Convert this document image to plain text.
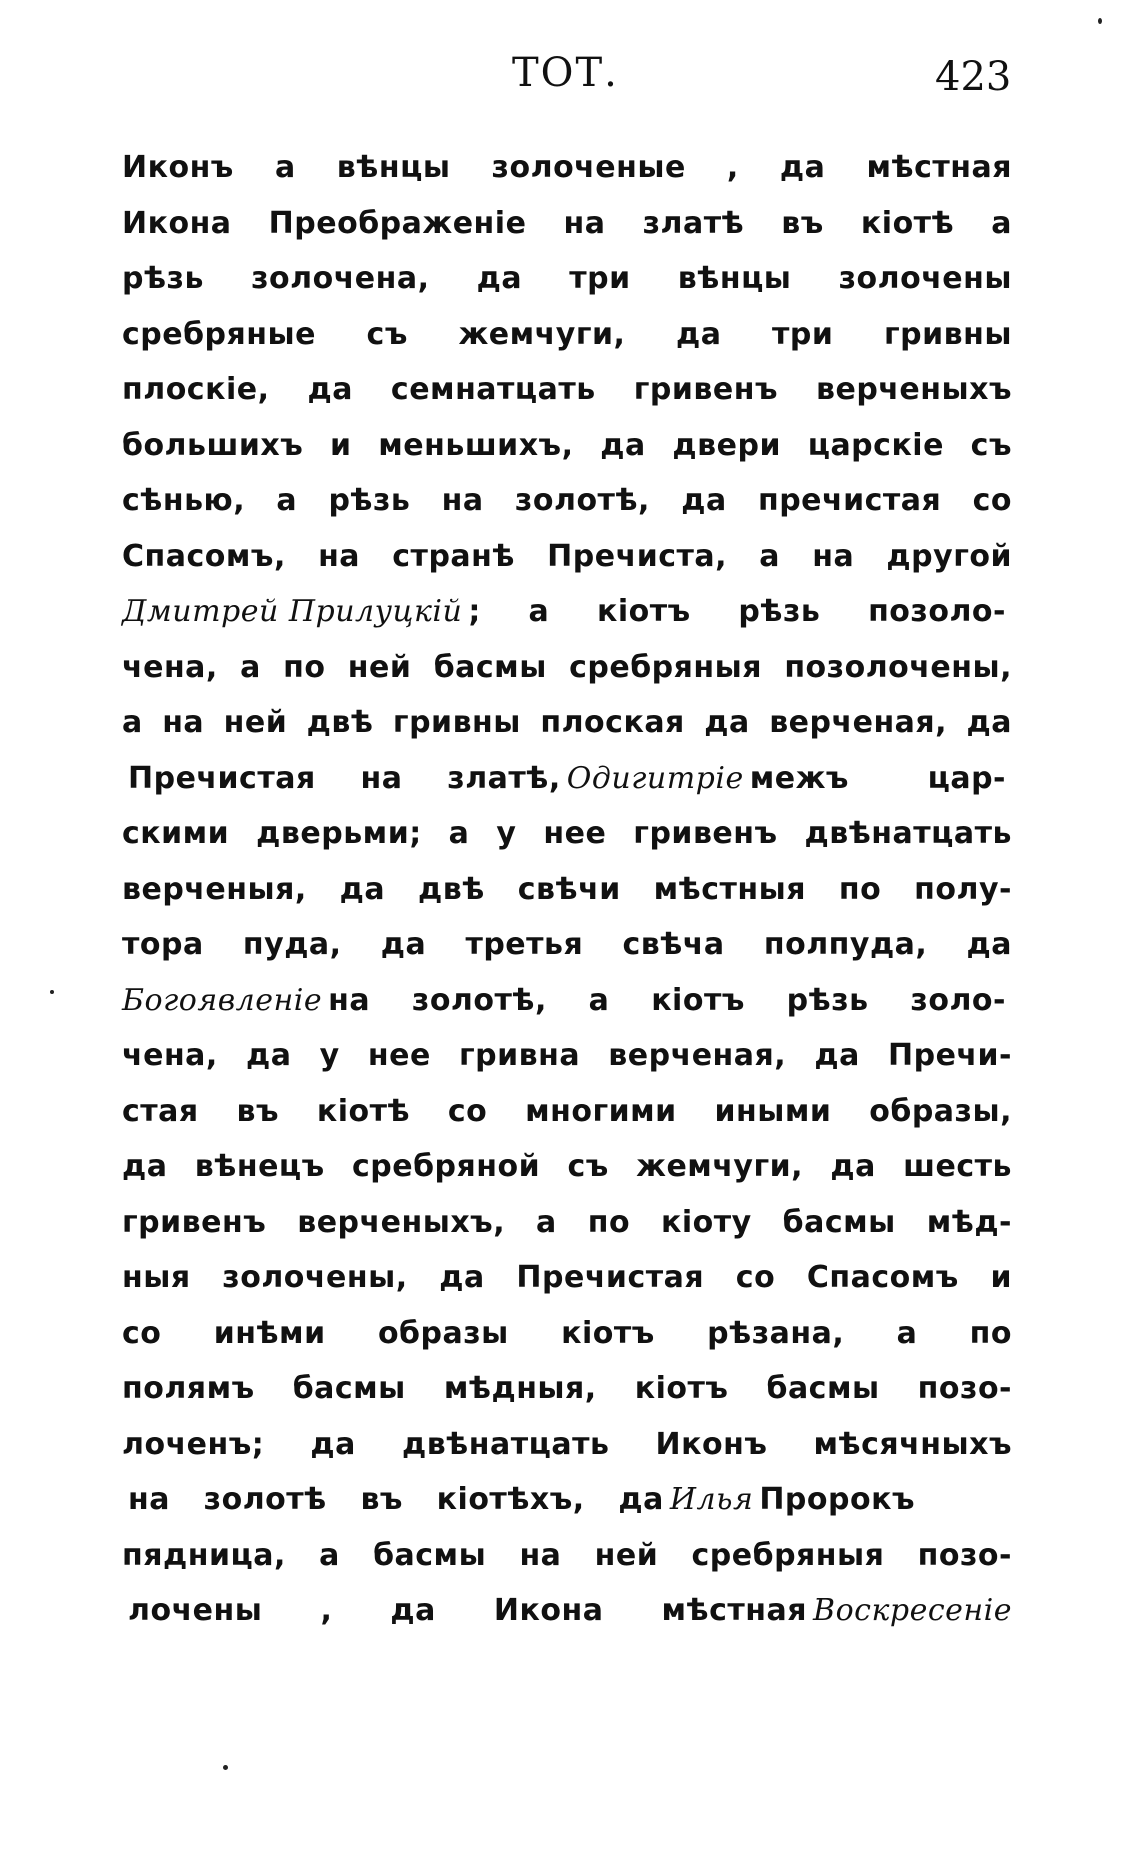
ТОТ.	423
Иконъ а вѣнцы золоченые , да мѣстная
Икона Преображеніе на златѣ въ кіотѣ а
рѣзь золочена, да три вѣнцы золочены
сребряные съ жемчуги, да три гривны
плоскіе, да семнатцать гривенъ верченыхъ
большихъ и меньшихъ, да двери царскіе съ
сѣнью, а рѣзь на золотѣ, да пречистая со
Спасомъ, на странѣ Пречиста, а на другой
Дмитрей Прилуцкій ; а кіотъ рѣзь позоло-
чена, а по ней басмы сребряныя позолочены,
а на ней двѣ гривны плоская да верченая, да
Пречистая на златѣ, Одигитріе межъ цар-
скими дверьми; а у нее гривенъ двѣнатцать
верченыя, да двѣ свѣчи мѣстныя по полу-
тора пуда, да третья свѣча полпуда, да
Богоявленіе на золотѣ, а кіотъ рѣзь золо-
чена, да у нее гривна верченая, да Пречи-
стая въ кіотѣ со многими иными образы,
да вѣнецъ сребряной съ жемчуги, да шесть
гривенъ верченыхъ, а по кіоту басмы мѣд-
ныя золочены, да Пречистая со Спасомъ и
со инѣми образы кіотъ рѣзана, а по
полямъ басмы мѣдныя, кіотъ басмы позо-
лоченъ; да двѣнатцать Иконъ мѣсячныхъ
на золотѣ въ кіотѣхъ, да Илья Пророкъ
пядница, а басмы на ней сребряныя позо-
лочены , да Икона мѣстная Воскресеніе
